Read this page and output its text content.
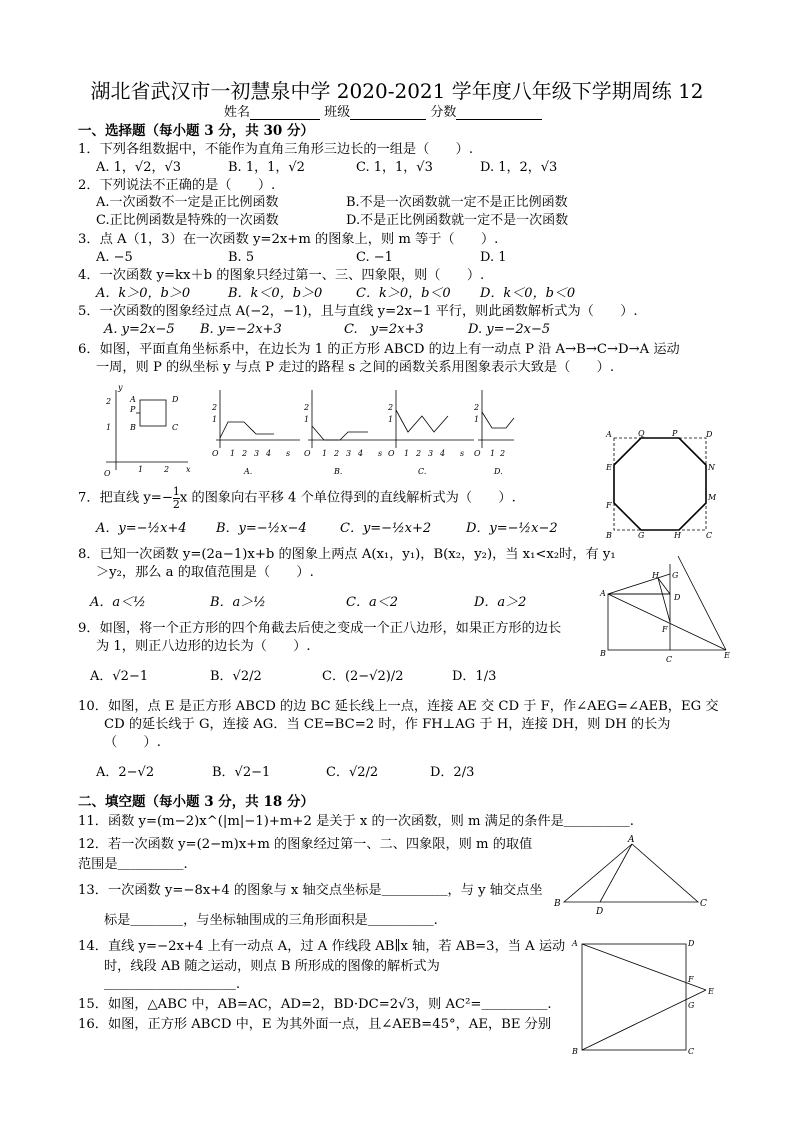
湖北省武汉市一初慧泉中学 2020-2021 学年度八年级下学期周练 12
姓名	班级	分数
一、选择题（每小题 3 分，共 30 分）
1．下列各组数据中，不能作为直角三角形三边长的一组是（　　）.
A. 1，√2，√3	B. 1，1，√2	C. 1，1，√3	D. 1，2，√3
2．下列说法不正确的是（　　）.
A.一次函数不一定是正比例函数	B.不是一次函数就一定不是正比例函数
C.正比例函数是特殊的一次函数	D.不是正比例函数就一定不是一次函数
3．点 A（1，3）在一次函数 y=2x+m 的图象上，则 m 等于（　　）.
A. −5	B. 5	C. −1	D. 1
4．一次函数 y=kx＋b 的图象只经过第一、三、四象限，则（　　）.
A．k＞0，b＞0	B．k＜0，b＞0	C．k＞0，b＜0 D．k＜0，b＜0
5．一次函数的图象经过点 A(−2，−1)，且与直线 y=2x−1 平行，则此函数解析式为（　　）.
A. y=2x−5 B. y=−2x+3	C.　y=2x+3	D. y=−2x−5
6．如图，平面直角坐标系中，在边长为 1 的正方形 ABCD 的边上有一动点 P 沿 A→B→C→D→A 运动
一周，则 P 的纵坐标 y 与点 P 走过的路程 s 之间的函数关系用图象表示大致是（　　）.
y
x
A
P
B
D
C
O
2
1
1	2
1
2
O 1 2 3 4 s
A.
1
2
O 1 2 3 4 s
B.
1
2
O 1 2 3 4 s
C.
1
2
O 1 2
D.
A	Q	P	D
E
F
N
M
B	G	H	C
7．把直线 $y=- \frac{1}{2}$ x 的图象向右平移 4 个单位得到的直线解析式为（　　）.
A．y=−½x+4 B．y=−½x−4	C．y=−½x+2	D．y=−½x−2
8．已知一次函数 y=(2a−1)x+b 的图象上两点 A(x₁，y₁)，B(x₂，y₂)，当 x₁<x₂时，有 y₁
＞y₂，那么 a 的取值范围是（　　）.
A．a＜½	B．a＞½	C．a＜2	D．a＞2
A
B
C
D
E
F
G
H
9．如图，将一个正方形的四个角截去后使之变成一个正八边形，如果正方形的边长
为 1，则正八边形的边长为（　　）.
A．√2−1	B．√2/2	C．(2−√2)/2	D．1/3
10．如图，点 E 是正方形 ABCD 的边 BC 延长线上一点，连接 AE 交 CD 于 F，作∠AEG=∠AEB，EG 交
CD 的延长线于 G，连接 AG．当 CE=BC=2 时，作 FH⊥AG 于 H，连接 DH，则 DH 的长为
（　　）.
A．2−√2	B．√2−1	C．√2/2	D．2/3
二、填空题（每小题 3 分，共 18 分）
11．函数 y=(m−2)x^(|m|−1)+m+2 是关于 x 的一次函数，则 m 满足的条件是＿＿＿＿＿.
12．若一次函数 y=(2−m)x+m 的图象经过第一、二、四象限，则 m 的取值
范围是＿＿＿＿＿.
13．一次函数 y=−8x+4 的图象与 x 轴交点坐标是＿＿＿＿＿，与 y 轴交点坐
标是＿＿＿＿，与坐标轴围成的三角形面积是＿＿＿＿＿.
14．直线 y=−2x+4 上有一动点 A，过 A 作线段 AB∥x 轴，若 AB=3，当 A 运动
时，线段 AB 随之运动，则点 B 所形成的图像的解析式为
＿＿＿＿＿＿＿＿＿＿.
15．如图，△ABC 中，AB=AC，AD=2，BD·DC=2√3，则 AC²=＿＿＿＿＿.
16．如图，正方形 ABCD 中，E 为其外面一点，且∠AEB=45°，AE，BE 分别
A
B
D
C
A	D
B	C
F
G
E
